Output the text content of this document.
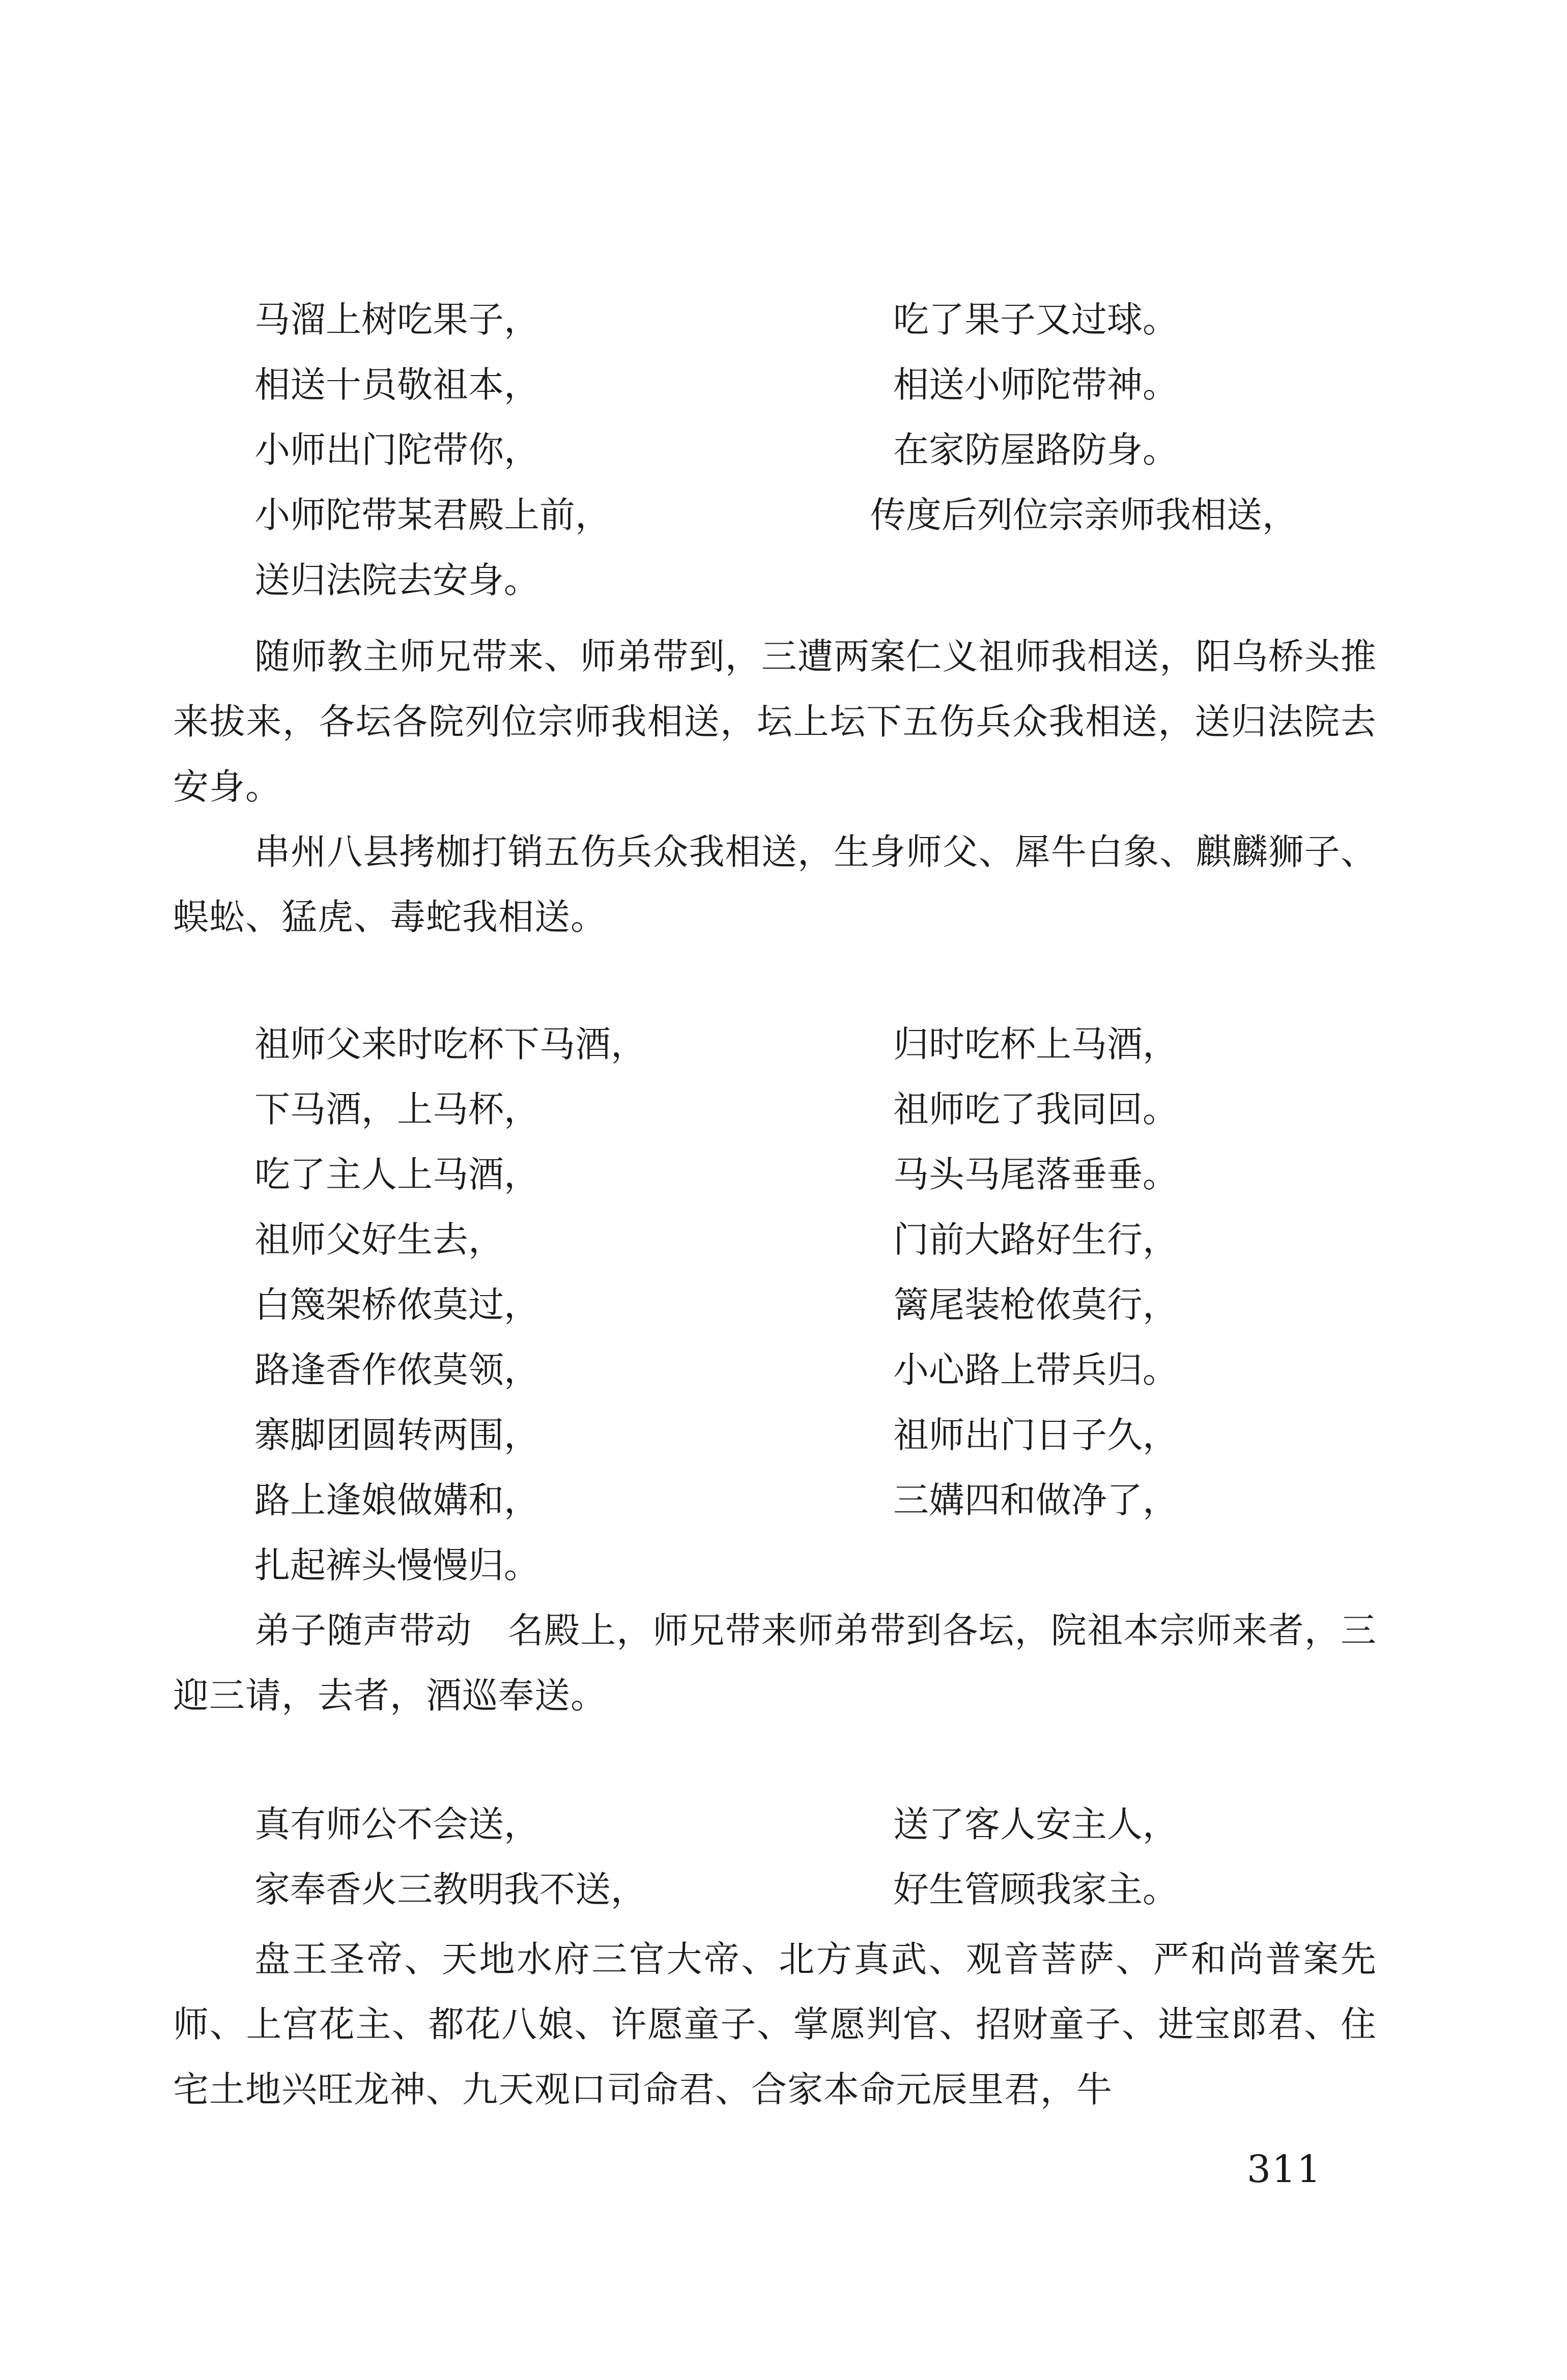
马溜上树吃果子，	吃了果子又过球。
相送十员敬祖本，	相送小师陀带神。
小师出门陀带你，	在家防屋路防身。
小师陀带某君殿上前，	传度后列位宗亲师我相送，
送归法院去安身。

随师教主师兄带来、师弟带到，三遭两案仁义祖师我相送，阳乌桥头推来拔来，各坛各院列位宗师我相送，坛上坛下五伤兵众我相送，送归法院去安身。

串州八县拷枷打销五伤兵众我相送，生身师父、犀牛白象、麒麟狮子、蜈蚣、猛虎、毒蛇我相送。

祖师父来时吃杯下马酒，	归时吃杯上马酒，
下马酒，上马杯，	祖师吃了我同回。
吃了主人上马酒，	马头马尾落垂垂。
祖师父好生去，	门前大路好生行，
白篾架桥侬莫过，	篱尾装枪侬莫行，
路逢香作侬莫领，	小心路上带兵归。
寨脚团圆转两围，	祖师出门日子久，
路上逢娘做媾和，	三媾四和做净了，
扎起裤头慢慢归。

弟子随声带动　名殿上，师兄带来师弟带到各坛，院祖本宗师来者，三迎三请，去者，酒巡奉送。

真有师公不会送，	送了客人安主人，
家奉香火三教明我不送，	好生管顾我家主。

盘王圣帝、天地水府三官大帝、北方真武、观音菩萨、严和尚普案先师、上宫花主、都花八娘、许愿童子、掌愿判官、招财童子、进宝郎君、住宅土地兴旺龙神、九天观口司命君、合家本命元辰里君，牛

311
